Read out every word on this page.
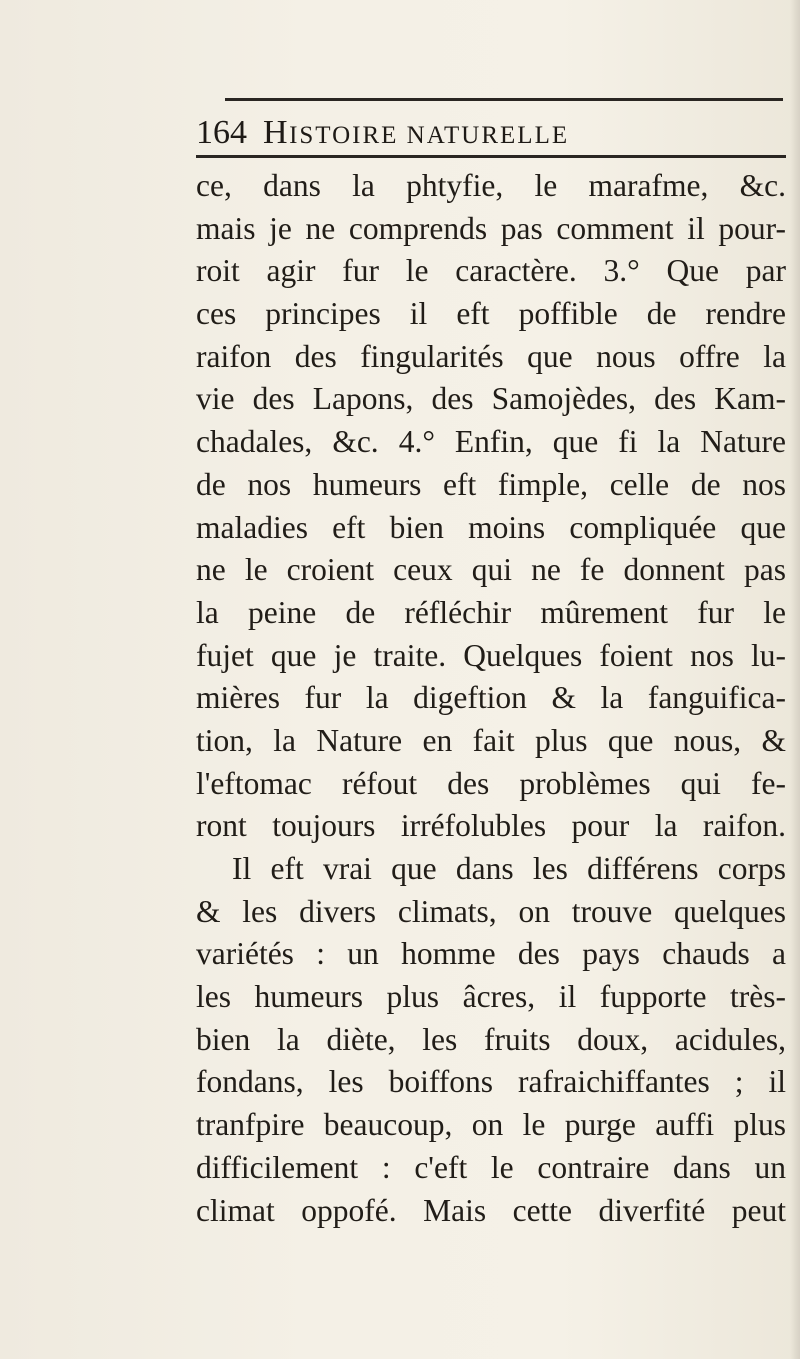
164 HISTOIRE NATURELLE
ce, dans la phtyfie, le marafme, &c.
mais je ne comprends pas comment il pour-
roit agir fur le caractère. 3.° Que par
ces principes il eft poffible de rendre
raifon des fingularités que nous offre la
vie des Lapons, des Samojèdes, des Kam-
chadales, &c. 4.° Enfin, que fi la Nature
de nos humeurs eft fimple, celle de nos
maladies eft bien moins compliquée que
ne le croient ceux qui ne fe donnent pas
la peine de réfléchir mûrement fur le
fujet que je traite. Quelques foient nos lu-
mières fur la digeftion & la fanguifica-
tion, la Nature en fait plus que nous, &
l'eftomac réfout des problèmes qui fe-
ront toujours irréfolubles pour la raifon.
Il eft vrai que dans les différens corps
& les divers climats, on trouve quelques
variétés : un homme des pays chauds a
les humeurs plus âcres, il fupporte très-
bien la diète, les fruits doux, acidules,
fondans, les boiffons rafraichiffantes ; il
tranfpire beaucoup, on le purge auffi plus
difficilement : c'eft le contraire dans un
climat oppofé. Mais cette diverfité peut
